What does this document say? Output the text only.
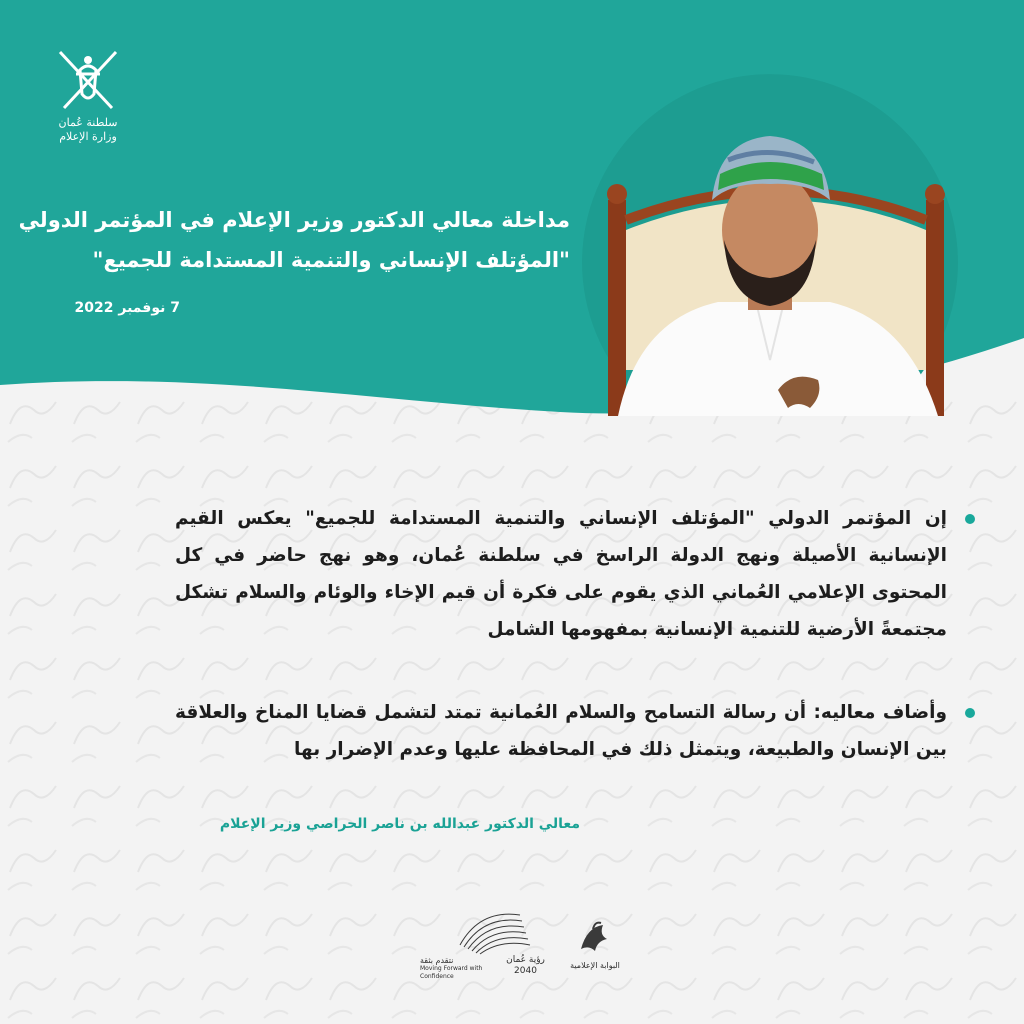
سلطنة عُمان
وزارة الإعلام
مداخلة معالي الدكتور وزير الإعلام في المؤتمر الدولي
"المؤتلف الإنساني والتنمية المستدامة للجميع"
7 نوفمبر 2022
إن المؤتمر الدولي "المؤتلف الإنساني والتنمية المستدامة للجميع" يعكس القيم الإنسانية الأصيلة ونهج الدولة الراسخ في سلطنة عُمان، وهو نهج حاضر في كل المحتوى الإعلامي العُماني الذي يقوم على فكرة أن قيم الإخاء والوئام والسلام تشكل مجتمعةً الأرضية للتنمية الإنسانية بمفهومها الشامل
وأضاف معاليه: أن رسالة التسامح والسلام العُمانية تمتد لتشمل قضايا المناخ والعلاقة بين الإنسان والطبيعة، ويتمثل ذلك في المحافظة عليها وعدم الإضرار بها
معالي الدكتور عبدالله بن ناصر الحراصي وزير الإعلام
البوابة الإعلامية
نتقدم بثقة
Moving Forward with Confidence
رؤية عُمان 2040
